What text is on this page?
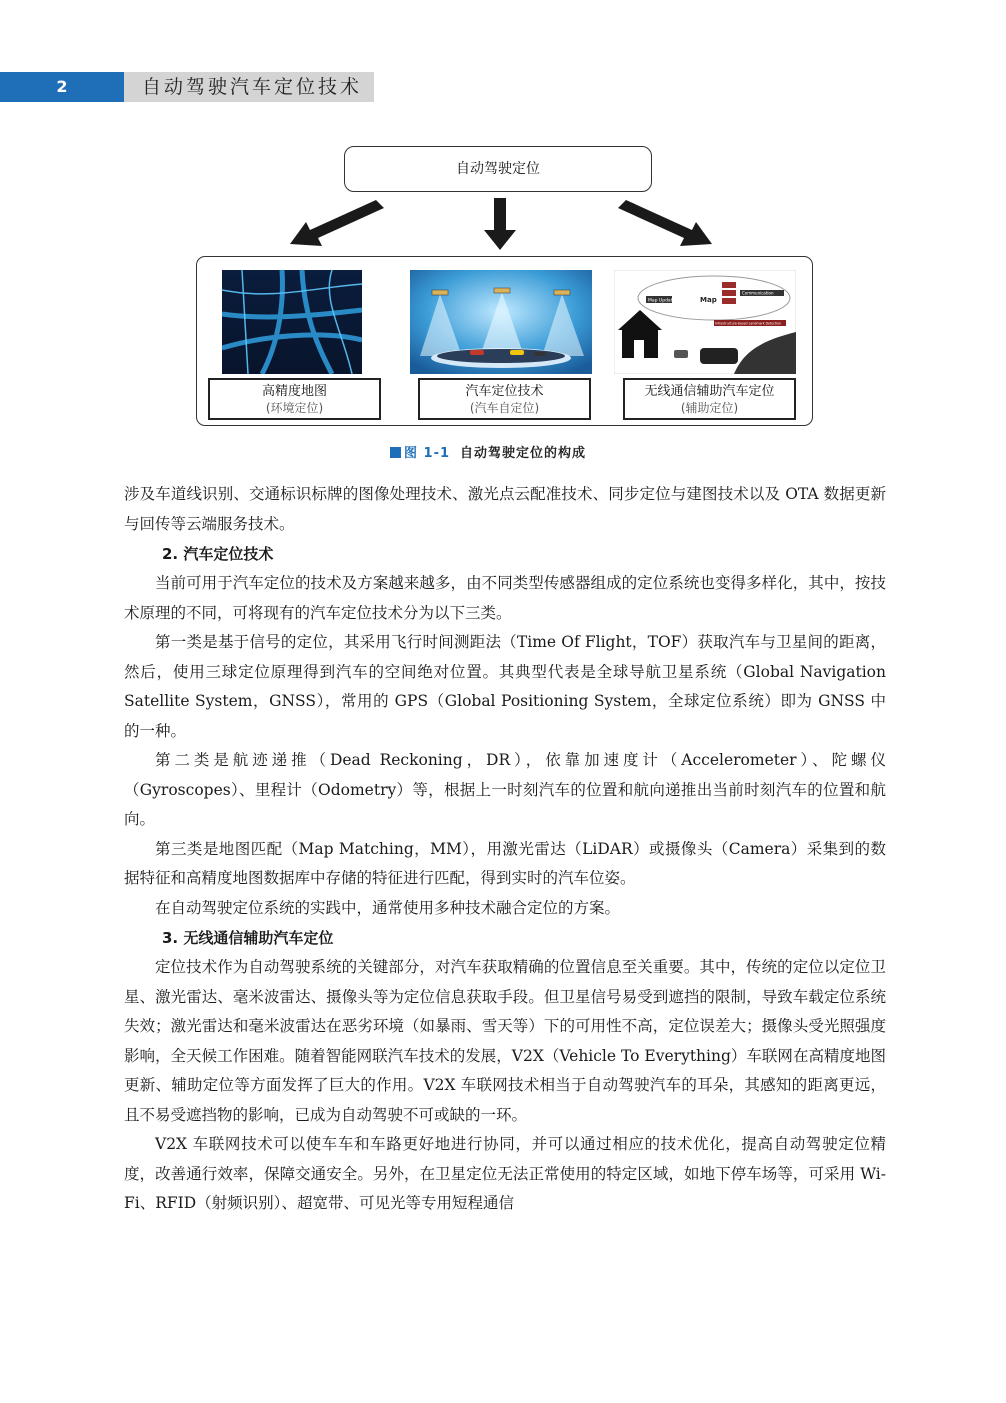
2	自动驾驶汽车定位技术
自动驾驶定位
高精度地图
(环境定位)
汽车定位技术
(汽车自定位)
Map Update	Map
Communication
Infrastructure-based Landmark Detection
无线通信辅助汽车定位
(辅助定位)
图 1-1 自动驾驶定位的构成

涉及车道线识别、交通标识标牌的图像处理技术、激光点云配准技术、同步定位与建图技术以及 OTA 数据更新与回传等云端服务技术。

2. 汽车定位技术

当前可用于汽车定位的技术及方案越来越多，由不同类型传感器组成的定位系统也变得多样化，其中，按技术原理的不同，可将现有的汽车定位技术分为以下三类。

第一类是基于信号的定位，其采用飞行时间测距法（Time Of Flight，TOF）获取汽车与卫星间的距离，然后，使用三球定位原理得到汽车的空间绝对位置。其典型代表是全球导航卫星系统（Global Navigation Satellite System，GNSS），常用的 GPS（Global Positioning System，全球定位系统）即为 GNSS 中的一种。

第二类是航迹递推（Dead Reckoning，DR），依靠加速度计（Accelerometer）、陀螺仪（Gyroscopes）、里程计（Odometry）等，根据上一时刻汽车的位置和航向递推出当前时刻汽车的位置和航向。

第三类是地图匹配（Map Matching，MM），用激光雷达（LiDAR）或摄像头（Camera）采集到的数据特征和高精度地图数据库中存储的特征进行匹配，得到实时的汽车位姿。

在自动驾驶定位系统的实践中，通常使用多种技术融合定位的方案。

3. 无线通信辅助汽车定位

定位技术作为自动驾驶系统的关键部分，对汽车获取精确的位置信息至关重要。其中，传统的定位以定位卫星、激光雷达、毫米波雷达、摄像头等为定位信息获取手段。但卫星信号易受到遮挡的限制，导致车载定位系统失效；激光雷达和毫米波雷达在恶劣环境（如暴雨、雪天等）下的可用性不高，定位误差大；摄像头受光照强度影响，全天候工作困难。随着智能网联汽车技术的发展，V2X（Vehicle To Everything）车联网在高精度地图更新、辅助定位等方面发挥了巨大的作用。V2X 车联网技术相当于自动驾驶汽车的耳朵，其感知的距离更远，且不易受遮挡物的影响，已成为自动驾驶不可或缺的一环。

V2X 车联网技术可以使车车和车路更好地进行协同，并可以通过相应的技术优化，提高自动驾驶定位精度，改善通行效率，保障交通安全。另外，在卫星定位无法正常使用的特定区域，如地下停车场等，可采用 Wi-Fi、RFID（射频识别）、超宽带、可见光等专用短程通信
